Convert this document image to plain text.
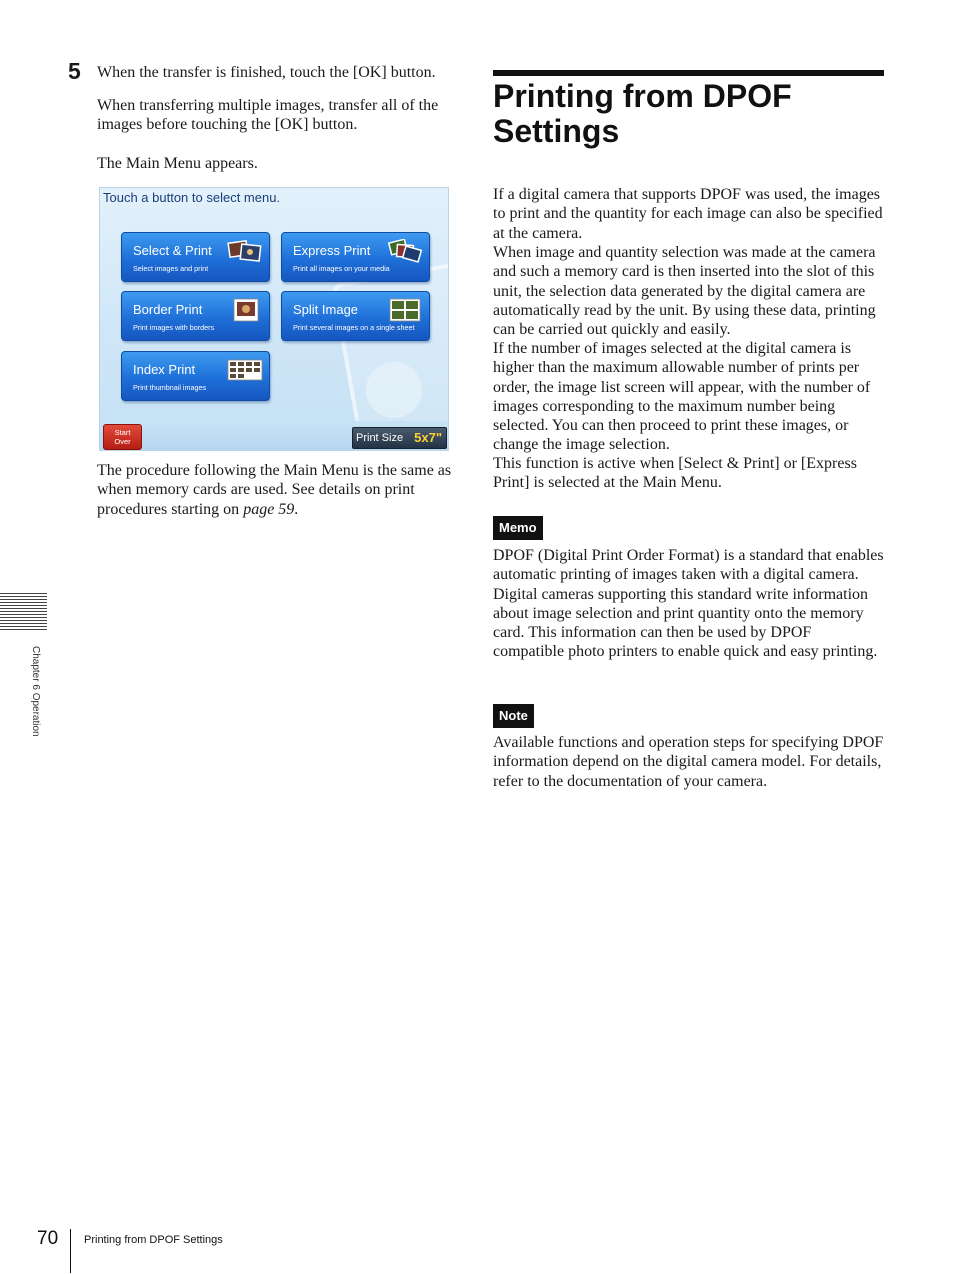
5 When the transfer is finished, touch the [OK] button.

When transferring multiple images, transfer all of the images before touching the [OK] button.

The Main Menu appears.

Touch a button to select menu.
Select & Print
Select images and print
Express Print
Print all images on your media
Border Print
Print images with borders
Split Image
Print several images on a single sheet
Index Print
Print thumbnail images
Start
Over	Print Size 5x7"

The procedure following the Main Menu is the same as when memory cards are used. See details on print procedures starting on page 59.

Printing from DPOF Settings

If a digital camera that supports DPOF was used, the images to print and the quantity for each image can also be specified at the camera.

When image and quantity selection was made at the camera and such a memory card is then inserted into the slot of this unit, the selection data generated by the digital camera are automatically read by the unit. By using these data, printing can be carried out quickly and easily.

If the number of images selected at the digital camera is higher than the maximum allowable number of prints per order, the image list screen will appear, with the number of images corresponding to the maximum number being selected. You can then proceed to print these images, or change the image selection.

This function is active when [Select & Print] or [Express Print] is selected at the Main Menu.

Memo

DPOF (Digital Print Order Format) is a standard that enables automatic printing of images taken with a digital camera. Digital cameras supporting this standard write information about image selection and print quantity onto the memory card. This information can then be used by DPOF compatible photo printers to enable quick and easy printing.

Note

Available functions and operation steps for specifying DPOF information depend on the digital camera model. For details, refer to the documentation of your camera.

Chapter 6 Operation
70 Printing from DPOF Settings
